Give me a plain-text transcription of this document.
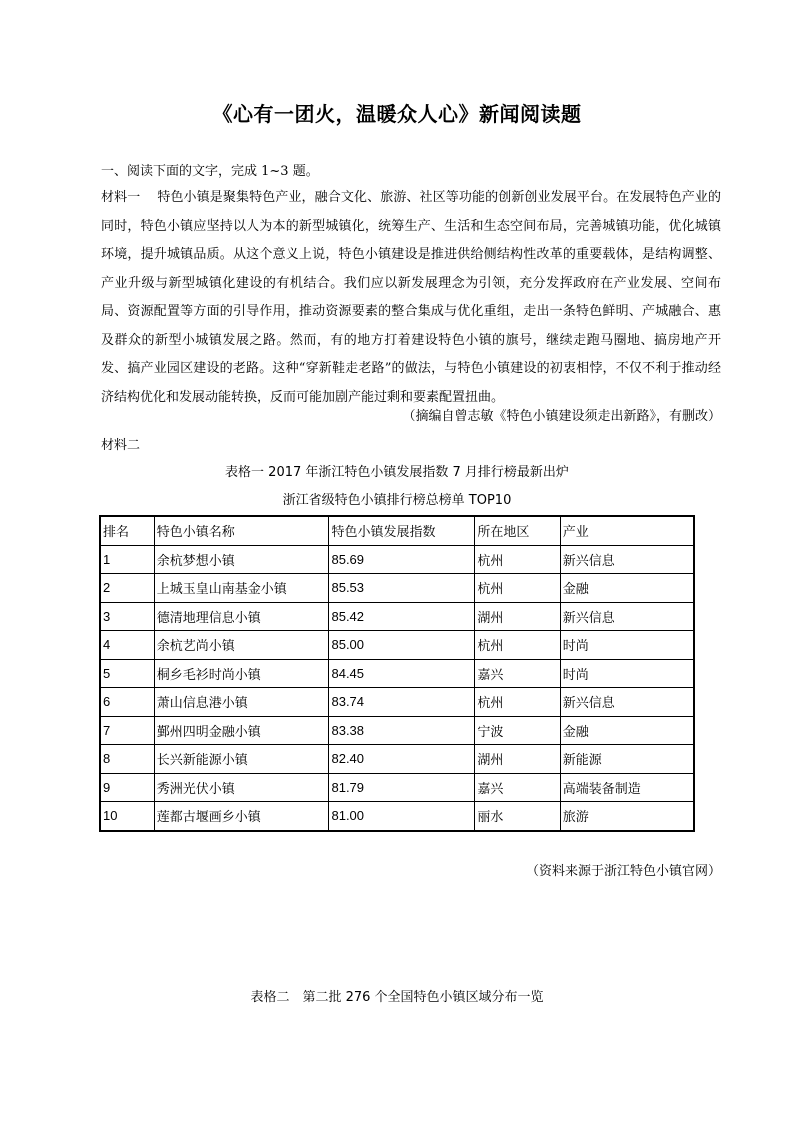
《心有一团火，温暖众人心》新闻阅读题
一、阅读下面的文字，完成 1~3 题。
材料一 特色小镇是聚集特色产业，融合文化、旅游、社区等功能的创新创业发展平台。在发展特色产业的同时，特色小镇应坚持以人为本的新型城镇化，统筹生产、生活和生态空间布局，完善城镇功能，优化城镇环境，提升城镇品质。从这个意义上说，特色小镇建设是推进供给侧结构性改革的重要载体，是结构调整、产业升级与新型城镇化建设的有机结合。我们应以新发展理念为引领，充分发挥政府在产业发展、空间布局、资源配置等方面的引导作用，推动资源要素的整合集成与优化重组，走出一条特色鲜明、产城融合、惠及群众的新型小城镇发展之路。然而，有的地方打着建设特色小镇的旗号，继续走跑马圈地、搞房地产开发、搞产业园区建设的老路。这种“穿新鞋走老路”的做法，与特色小镇建设的初衷相悖，不仅不利于推动经济结构优化和发展动能转换，反而可能加剧产能过剩和要素配置扭曲。
（摘编自曾志敏《特色小镇建设须走出新路》，有删改）
材料二
表格一 2017 年浙江特色小镇发展指数 7 月排行榜最新出炉
浙江省级特色小镇排行榜总榜单 TOP10
排名	特色小镇名称	特色小镇发展指数	所在地区	产业
1	余杭梦想小镇	85.69	杭州	新兴信息
2	上城玉皇山南基金小镇	85.53	杭州	金融
3	德清地理信息小镇	85.42	湖州	新兴信息
4	余杭艺尚小镇	85.00	杭州	时尚
5	桐乡毛衫时尚小镇	84.45	嘉兴	时尚
6	萧山信息港小镇	83.74	杭州	新兴信息
7	鄞州四明金融小镇	83.38	宁波	金融
8	长兴新能源小镇	82.40	湖州	新能源
9	秀洲光伏小镇	81.79	嘉兴	高端装备制造
10	莲都古堰画乡小镇	81.00	丽水	旅游
（资料来源于浙江特色小镇官网）
表格二　第二批 276 个全国特色小镇区域分布一览
